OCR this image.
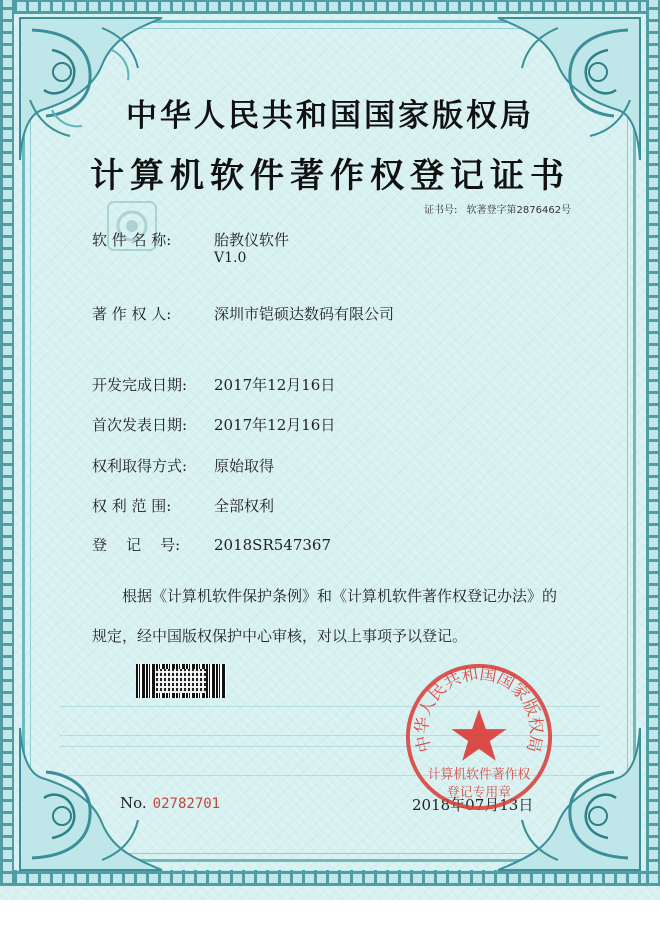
中华人民共和国国家版权局
计算机软件著作权登记证书
证书号: 软著登字第2876462号
软 件 名 称:	胎教仪软件
V1.0
著 作 权 人:	深圳市铠硕达数码有限公司
开发完成日期: 2017年12月16日
首次发表日期: 2017年12月16日
权利取得方式: 原始取得
权 利 范 围:	全部权利
登    记    号: 2018SR547367
根据《计算机软件保护条例》和《计算机软件著作权登记办法》的
规定，经中国版权保护中心审核，对以上事项予以登记。
No. 02782701	2018年07月13日
中华人民共和国国家版权局
计算机软件著作权
登记专用章
